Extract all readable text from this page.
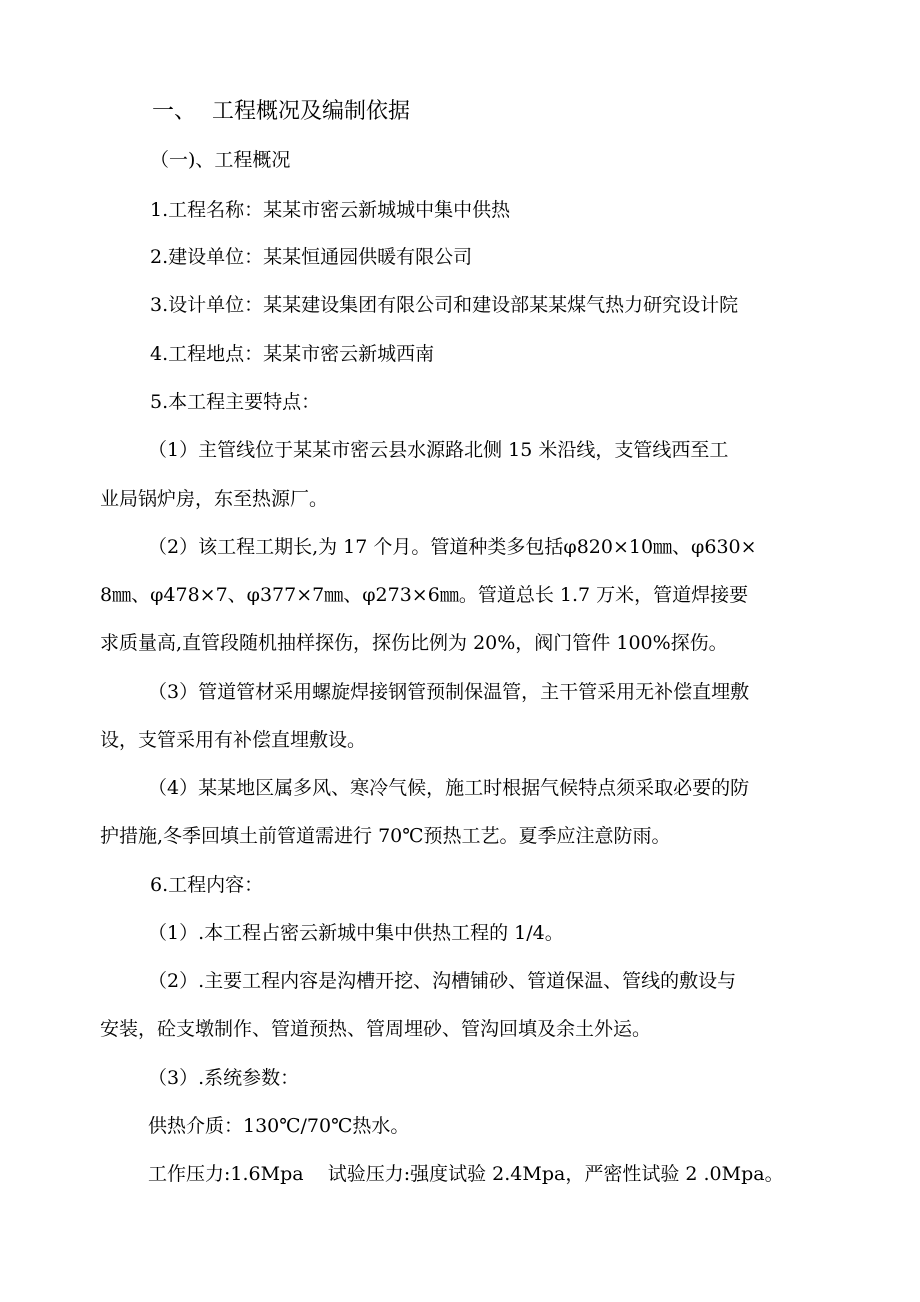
一、 工程概况及编制依据
（一)、工程概况
1.工程名称：某某市密云新城城中集中供热
2.建设单位：某某恒通园供暖有限公司
3.设计单位：某某建设集团有限公司和建设部某某煤气热力研究设计院
4.工程地点：某某市密云新城西南
5.本工程主要特点：
（1）主管线位于某某市密云县水源路北侧 15 米沿线，支管线西至工
业局锅炉房，东至热源厂。
（2）该工程工期长,为 17 个月。管道种类多包括φ820×10㎜、φ630×
8㎜、φ478×7、φ377×7㎜、φ273×6㎜。管道总长 1.7 万米，管道焊接要
求质量高,直管段随机抽样探伤，探伤比例为 20%，阀门管件 100%探伤。
（3）管道管材采用螺旋焊接钢管预制保温管，主干管采用无补偿直埋敷
设，支管采用有补偿直埋敷设。
（4）某某地区属多风、寒冷气候，施工时根据气候特点须采取必要的防
护措施,冬季回填土前管道需进行 70℃预热工艺。夏季应注意防雨。
6.工程内容：
（1）.本工程占密云新城中集中供热工程的 1/4。
（2）.主要工程内容是沟槽开挖、沟槽铺砂、管道保温、管线的敷设与
安装，砼支墩制作、管道预热、管周埋砂、管沟回填及余土外运。
（3）.系统参数：
供热介质：130℃/70℃热水。
工作压力:1.6Mpa    试验压力:强度试验 2.4Mpa，严密性试验 2 .0Mpa。
